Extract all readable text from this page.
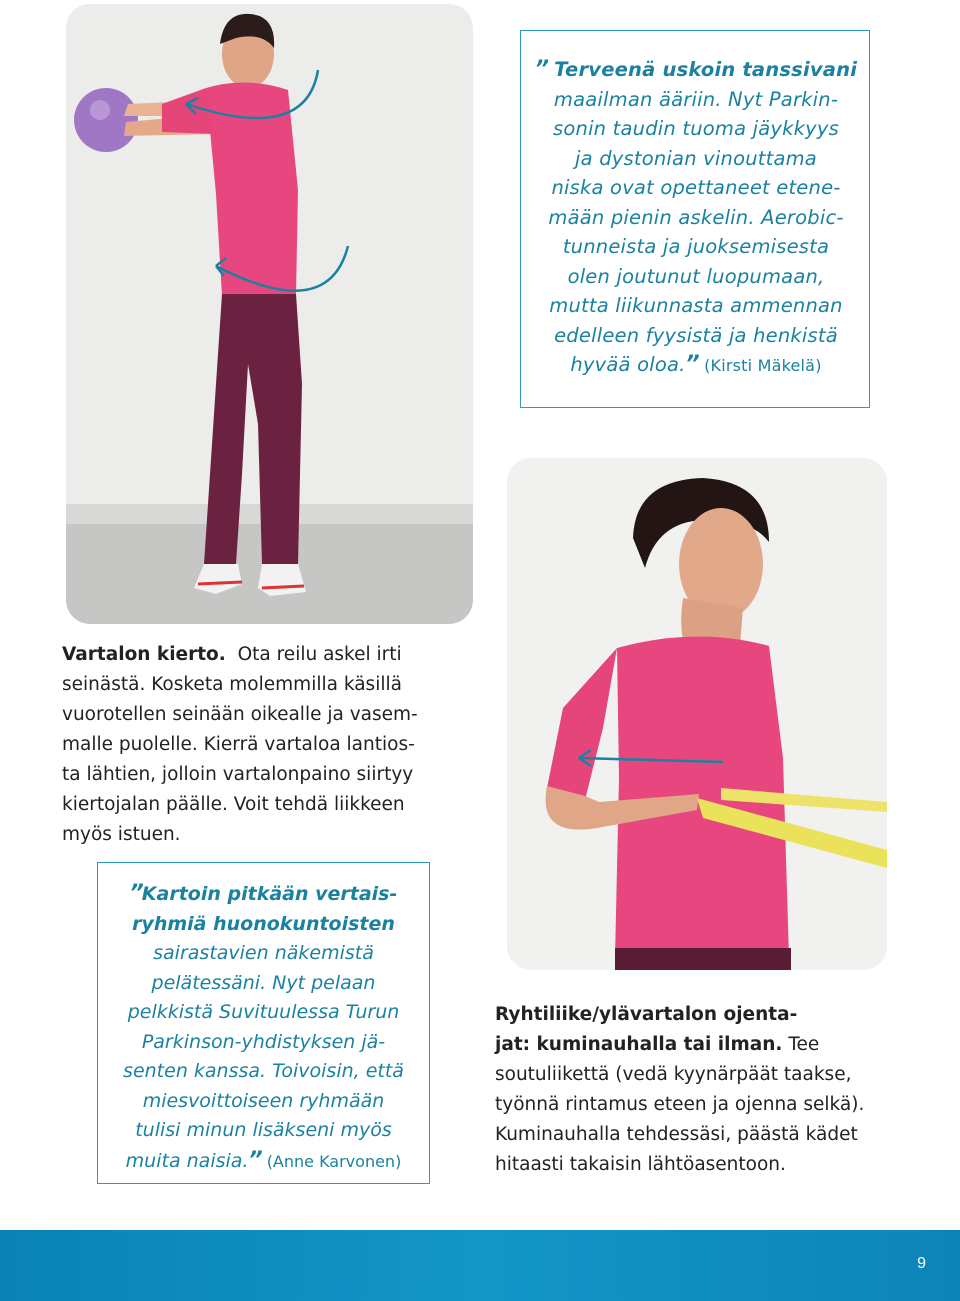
” Terveenä uskoin tanssivani
maailman ääriin. Nyt Parkin-
sonin taudin tuoma jäykkyys
ja dystonian vinouttama
niska ovat opettaneet etene-
mään pienin askelin. Aerobic-
tunneista ja juoksemisesta
olen joutunut luopumaan,
mutta liikunnasta ammennan
edelleen fyysistä ja henkistä
hyvää oloa.” (Kirsti Mäkelä)
Vartalon kierto. Ota reilu askel irti
seinästä. Kosketa molemmilla käsillä
vuorotellen seinään oikealle ja vasem-
malle puolelle. Kierrä vartaloa lantios-
ta lähtien, jolloin vartalonpaino siirtyy
kiertojalan päälle. Voit tehdä liikkeen
myös istuen.
”Kartoin pitkään vertais-
ryhmiä huonokuntoisten
sairastavien näkemistä
pelätessäni. Nyt pelaan
pelkkistä Suvituulessa Turun
Parkinson-yhdistyksen jä-
senten kanssa. Toivoisin, että
miesvoittoiseen ryhmään
tulisi minun lisäkseni myös
muita naisia.” (Anne Karvonen)
Ryhtiliike/ylävartalon ojenta-
jat: kuminauhalla tai ilman. Tee
soutuliikettä (vedä kyynärpäät taakse,
työnnä rintamus eteen ja ojenna selkä).
Kuminauhalla tehdessäsi, päästä kädet
hitaasti takaisin lähtöasentoon.
9
